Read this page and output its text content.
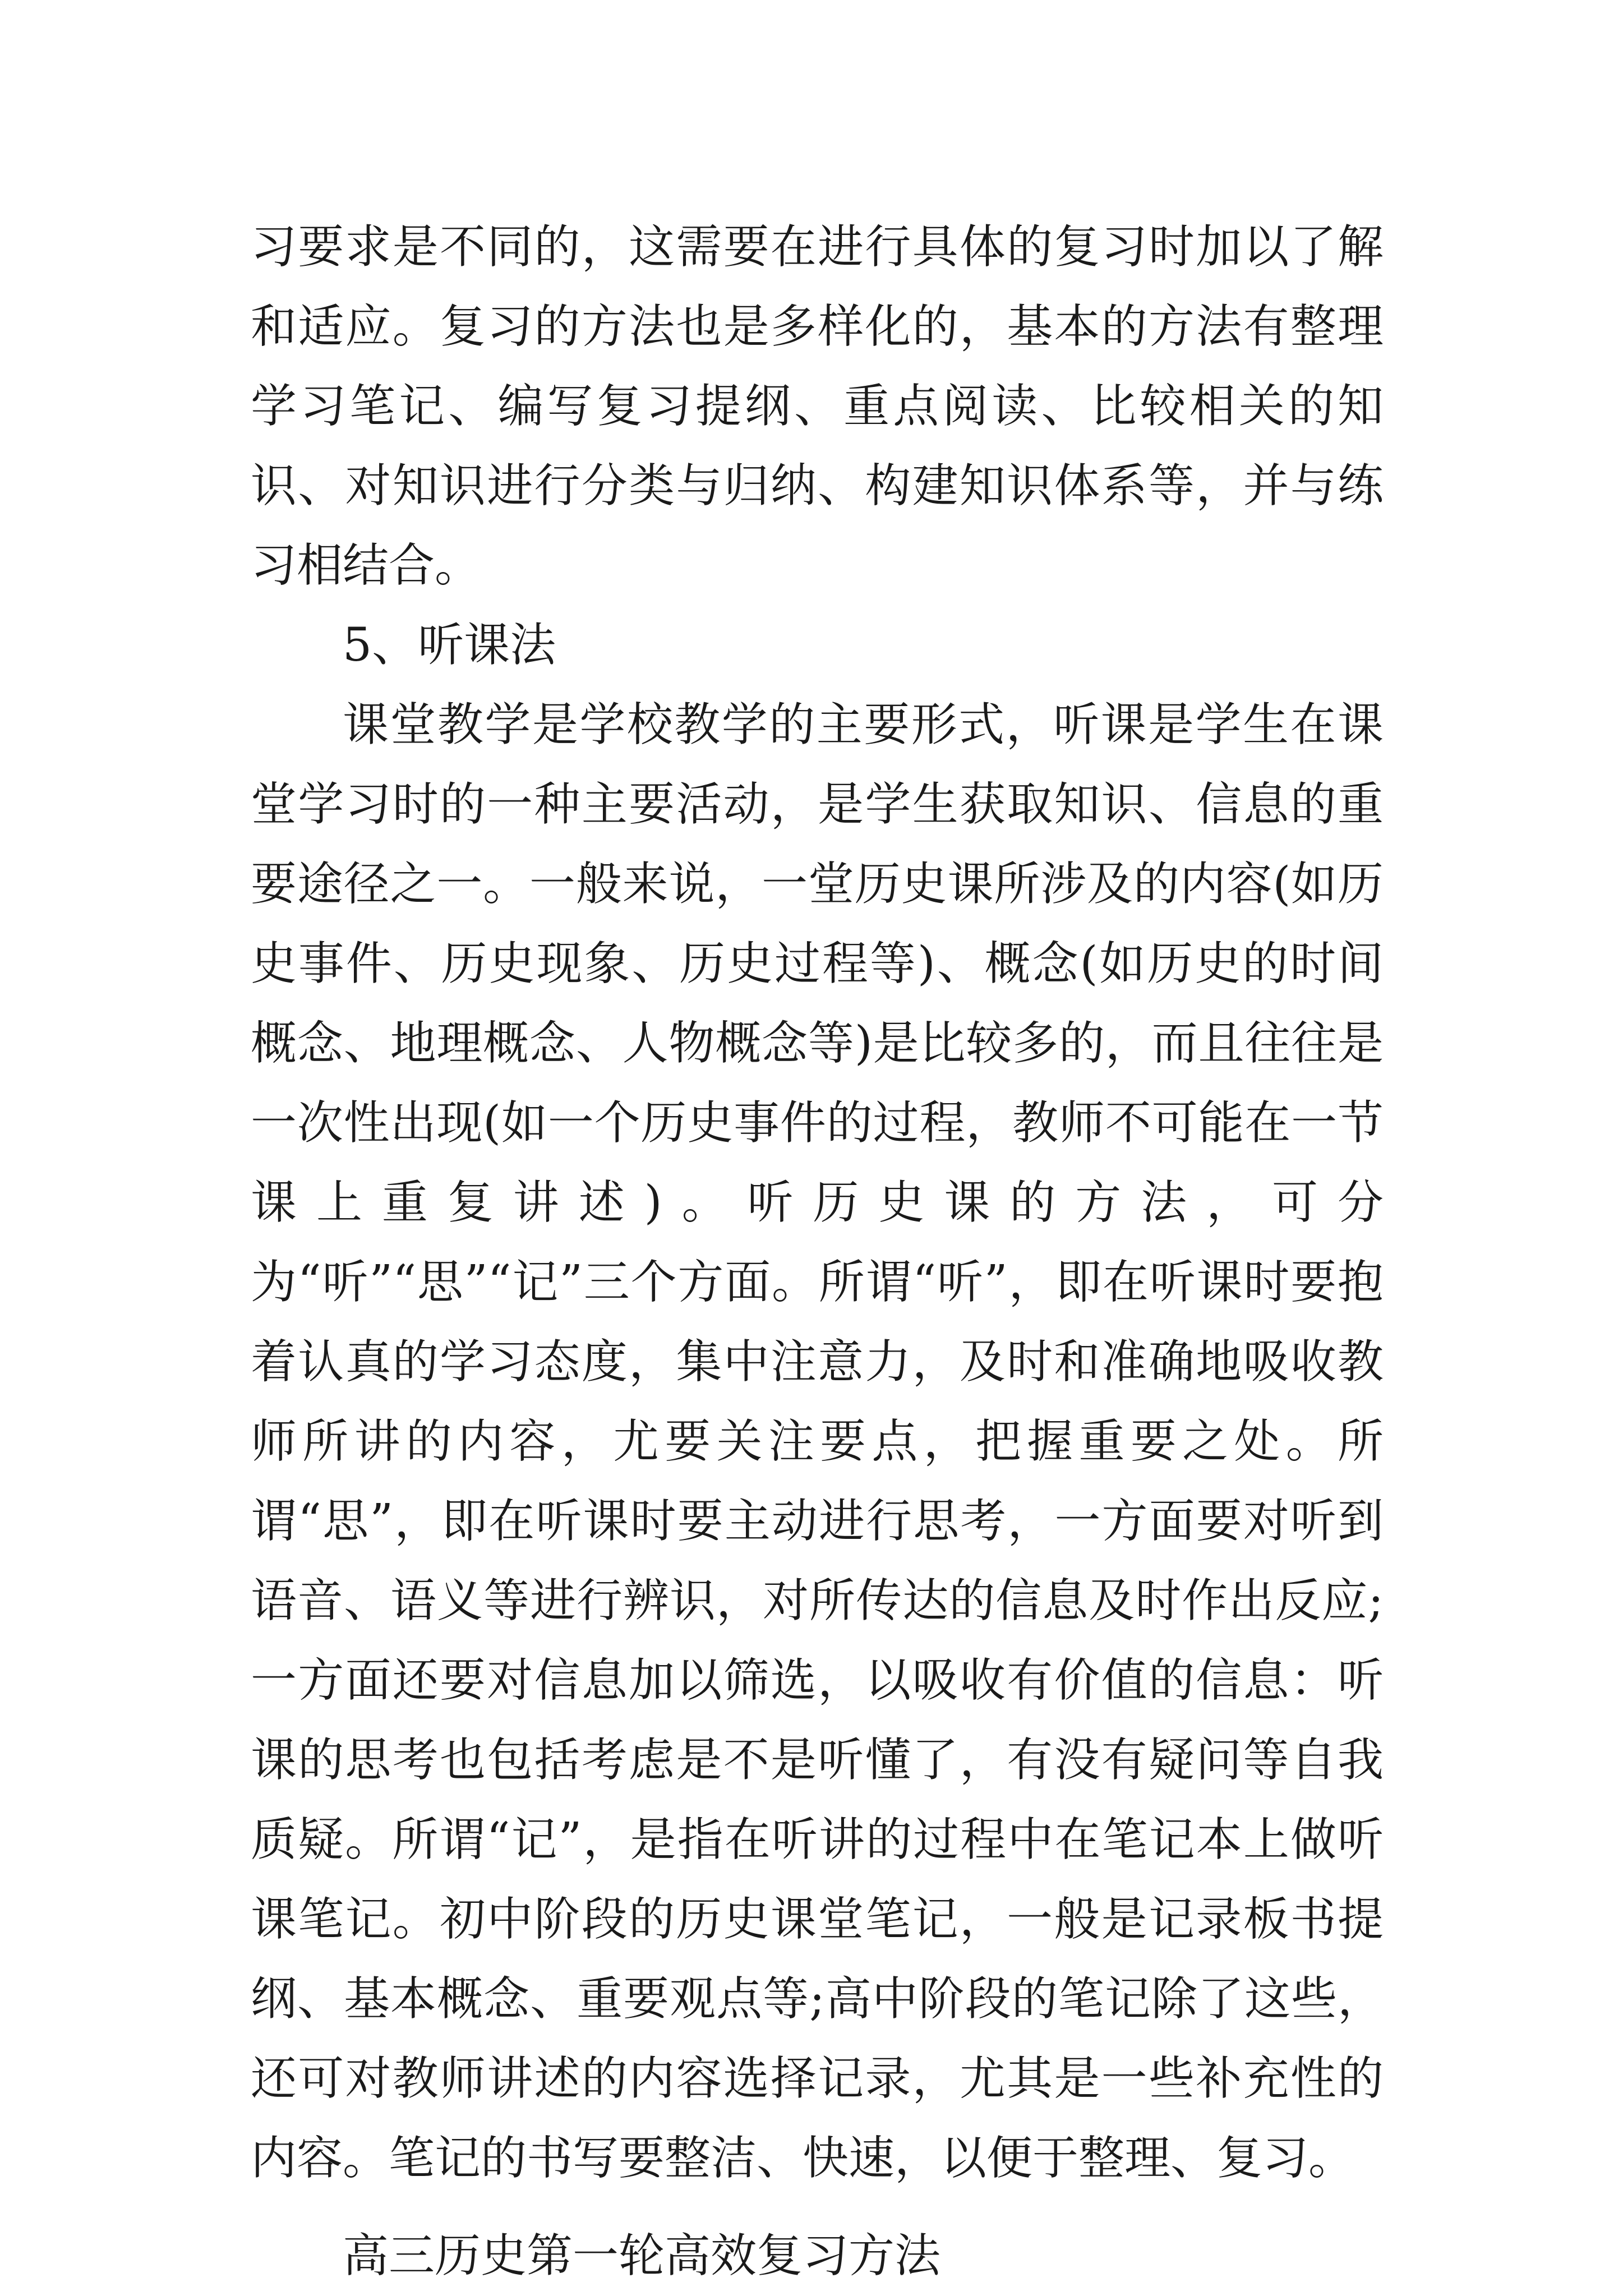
习要求是不同的，这需要在进行具体的复习时加以了解和适应。复习的方法也是多样化的，基本的方法有整理学习笔记、编写复习提纲、重点阅读、比较相关的知识、对知识进行分类与归纳、构建知识体系等，并与练习相结合。

5、听课法

课堂教学是学校教学的主要形式，听课是学生在课堂学习时的一种主要活动，是学生获取知识、信息的重要途径之一。一般来说，一堂历史课所涉及的内容(如历史事件、历史现象、历史过程等)、概念(如历史的时间概念、地理概念、人物概念等)是比较多的，而且往往是一次性出现(如一个历史事件的过程，教师不可能在一节课上重复讲述)。听历史课的方法，可分为“听”“思”“记”三个方面。所谓“听”，即在听课时要抱着认真的学习态度，集中注意力，及时和准确地吸收教师所讲的内容，尤要关注要点，把握重要之处。所谓“思”，即在听课时要主动进行思考，一方面要对听到语音、语义等进行辨识，对所传达的信息及时作出反应;一方面还要对信息加以筛选，以吸收有价值的信息：听课的思考也包括考虑是不是听懂了，有没有疑问等自我质疑。所谓“记”，是指在听讲的过程中在笔记本上做听课笔记。初中阶段的历史课堂笔记，一般是记录板书提纲、基本概念、重要观点等;高中阶段的笔记除了这些，还可对教师讲述的内容选择记录，尤其是一些补充性的内容。笔记的书写要整洁、快速，以便于整理、复习。

高三历史第一轮高效复习方法
